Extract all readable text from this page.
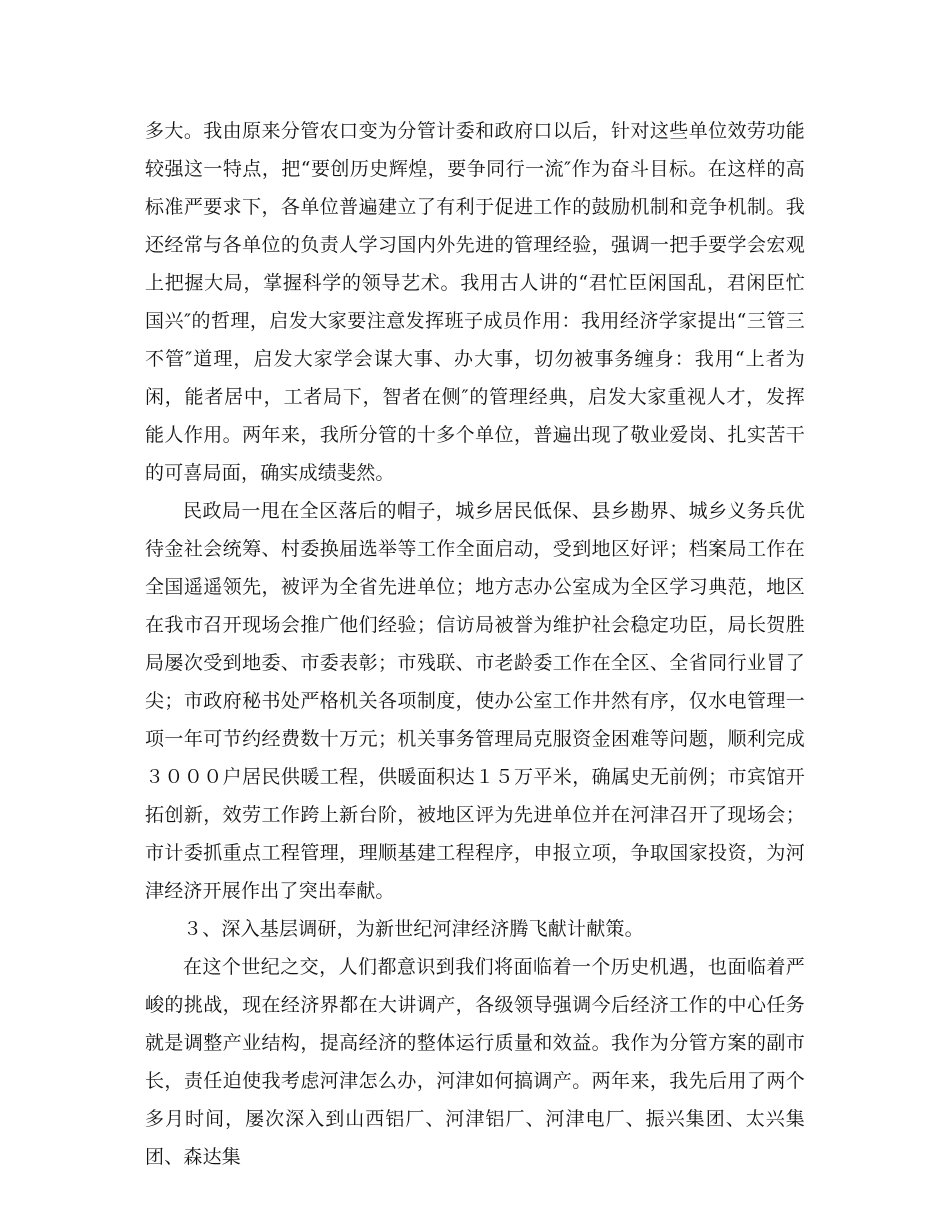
多大。我由原来分管农口变为分管计委和政府口以后，针对这些单位效劳功能较强这一特点，把“要创历史辉煌，要争同行一流″作为奋斗目标。在这样的高标准严要求下，各单位普遍建立了有利于促进工作的鼓励机制和竞争机制。我还经常与各单位的负责人学习国内外先进的管理经验，强调一把手要学会宏观上把握大局，掌握科学的领导艺术。我用古人讲的“君忙臣闲国乱，君闲臣忙国兴″的哲理，启发大家要注意发挥班子成员作用：我用经济学家提出“三管三不管″道理，启发大家学会谋大事、办大事，切勿被事务缠身：我用“上者为闲，能者居中，工者局下，智者在侧″的管理经典，启发大家重视人才，发挥能人作用。两年来，我所分管的十多个单位，普遍出现了敬业爱岗、扎实苦干的可喜局面，确实成绩斐然。

民政局一甩在全区落后的帽子，城乡居民低保、县乡勘界、城乡义务兵优待金社会统筹、村委换届选举等工作全面启动，受到地区好评；档案局工作在全国遥遥领先，被评为全省先进单位；地方志办公室成为全区学习典范，地区在我市召开现场会推广他们经验；信访局被誉为维护社会稳定功臣，局长贺胜局屡次受到地委、市委表彰；市残联、市老龄委工作在全区、全省同行业冒了尖；市政府秘书处严格机关各项制度，使办公室工作井然有序，仅水电管理一项一年可节约经费数十万元；机关事务管理局克服资金困难等问题，顺利完成３０００户居民供暖工程，供暖面积达１５万平米，确属史无前例；市宾馆开拓创新，效劳工作跨上新台阶，被地区评为先进单位并在河津召开了现场会；市计委抓重点工程管理，理顺基建工程程序，申报立项，争取国家投资，为河津经济开展作出了突出奉献。

３、深入基层调研，为新世纪河津经济腾飞献计献策。

在这个世纪之交，人们都意识到我们将面临着一个历史机遇，也面临着严峻的挑战，现在经济界都在大讲调产，各级领导强调今后经济工作的中心任务就是调整产业结构，提高经济的整体运行质量和效益。我作为分管方案的副市长，责任迫使我考虑河津怎么办，河津如何搞调产。两年来，我先后用了两个多月时间，屡次深入到山西铝厂、河津铝厂、河津电厂、振兴集团、太兴集团、森达集
